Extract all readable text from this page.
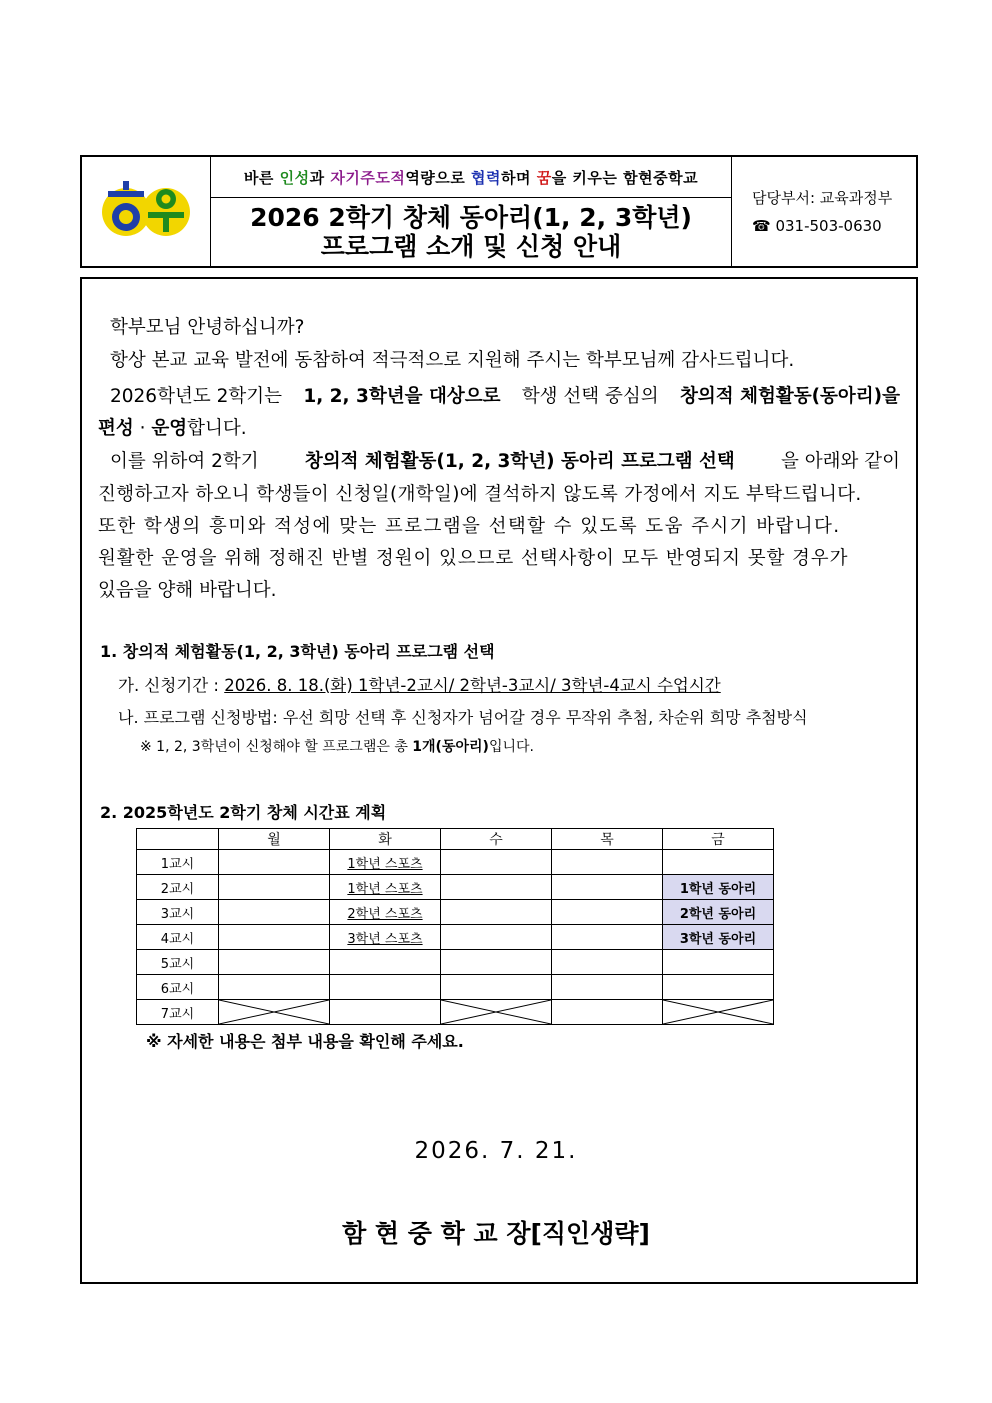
바른
인성 과
자기주도적 역량으로
협력 하며
꿈 을 키우는 함현중학교
2026 2학기 창체 동아리(1, 2, 3학년)
프로그램 소개 및 신청 안내
담당부서: 교육과정부
☎ 031-503-0630
학부모님 안녕하십니까?
항상 본교 교육 발전에 동참하여 적극적으로 지원해 주시는 학부모님께 감사드립니다.
2026학년도 2학기는 1, 2, 3학년을 대상으로 학생 선택 중심의 창의적 체험활동(동아리)을
편성 · 운영합니다.
이를 위하여 2학기 창의적 체험활동(1, 2, 3학년) 동아리 프로그램 선택 을 아래와 같이
진행하고자 하오니 학생들이 신청일(개학일)에 결석하지 않도록 가정에서 지도 부탁드립니다.
또한 학생의 흥미와 적성에 맞는 프로그램을 선택할 수 있도록 도움 주시기 바랍니다.
원활한 운영을 위해 정해진 반별 정원이 있으므로 선택사항이 모두 반영되지 못할 경우가
있음을 양해 바랍니다.
1. 창의적 체험활동(1, 2, 3학년) 동아리 프로그램 선택
가. 신청기간 : 2026. 8. 18.(화) 1학년-2교시/ 2학년-3교시/ 3학년-4교시 수업시간
나. 프로그램 신청방법: 우선 희망 선택 후 신청자가 넘어갈 경우 무작위 추첨, 차순위 희망 추첨방식
※ 1, 2, 3학년이 신청해야 할 프로그램은 총 1개(동아리)입니다.
2. 2025학년도 2학기 창체 시간표 계획
	월	화	수	목	금
1교시		1학년 스포츠			
2교시		1학년 스포츠			1학년 동아리
3교시		2학년 스포츠			2학년 동아리
4교시		3학년 스포츠			3학년 동아리
5교시					
6교시					
7교시	

※ 자세한 내용은 첨부 내용을 확인해 주세요.
2026. 7. 21.
함 현 중 학 교 장[직인생략]
